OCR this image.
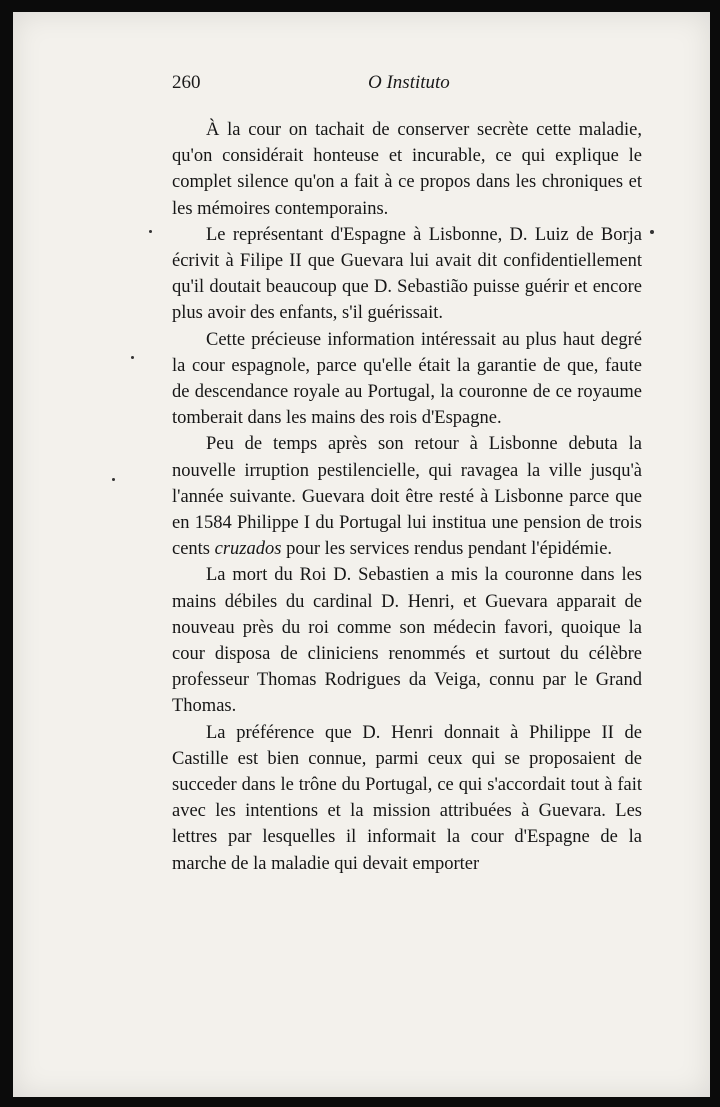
260	O Instituto

À la cour on tachait de conserver secrète cette maladie, qu'on considérait honteuse et incurable, ce qui explique le complet silence qu'on a fait à ce propos dans les chroniques et les mémoires contemporains.

Le représentant d'Espagne à Lisbonne, D. Luiz de Borja écrivit à Filipe II que Guevara lui avait dit confidentiellement qu'il doutait beaucoup que D. Sebastião puisse guérir et encore plus avoir des enfants, s'il guérissait.

Cette précieuse information intéressait au plus haut degré la cour espagnole, parce qu'elle était la garantie de que, faute de descendance royale au Portugal, la couronne de ce royaume tomberait dans les mains des rois d'Espagne.

Peu de temps après son retour à Lisbonne debuta la nouvelle irruption pestilencielle, qui ravagea la ville jusqu'à l'année suivante. Guevara doit être resté à Lisbonne parce que en 1584 Philippe I du Portugal lui institua une pension de trois cents cruzados pour les services rendus pendant l'épidémie.

La mort du Roi D. Sebastien a mis la couronne dans les mains débiles du cardinal D. Henri, et Guevara apparait de nouveau près du roi comme son médecin favori, quoique la cour disposa de cliniciens renommés et surtout du célèbre professeur Thomas Rodrigues da Veiga, connu par le Grand Thomas.

La préférence que D. Henri donnait à Philippe II de Castille est bien connue, parmi ceux qui se proposaient de succeder dans le trône du Portugal, ce qui s'accordait tout à fait avec les intentions et la mission attribuées à Guevara. Les lettres par lesquelles il informait la cour d'Espagne de la marche de la maladie qui devait emporter
